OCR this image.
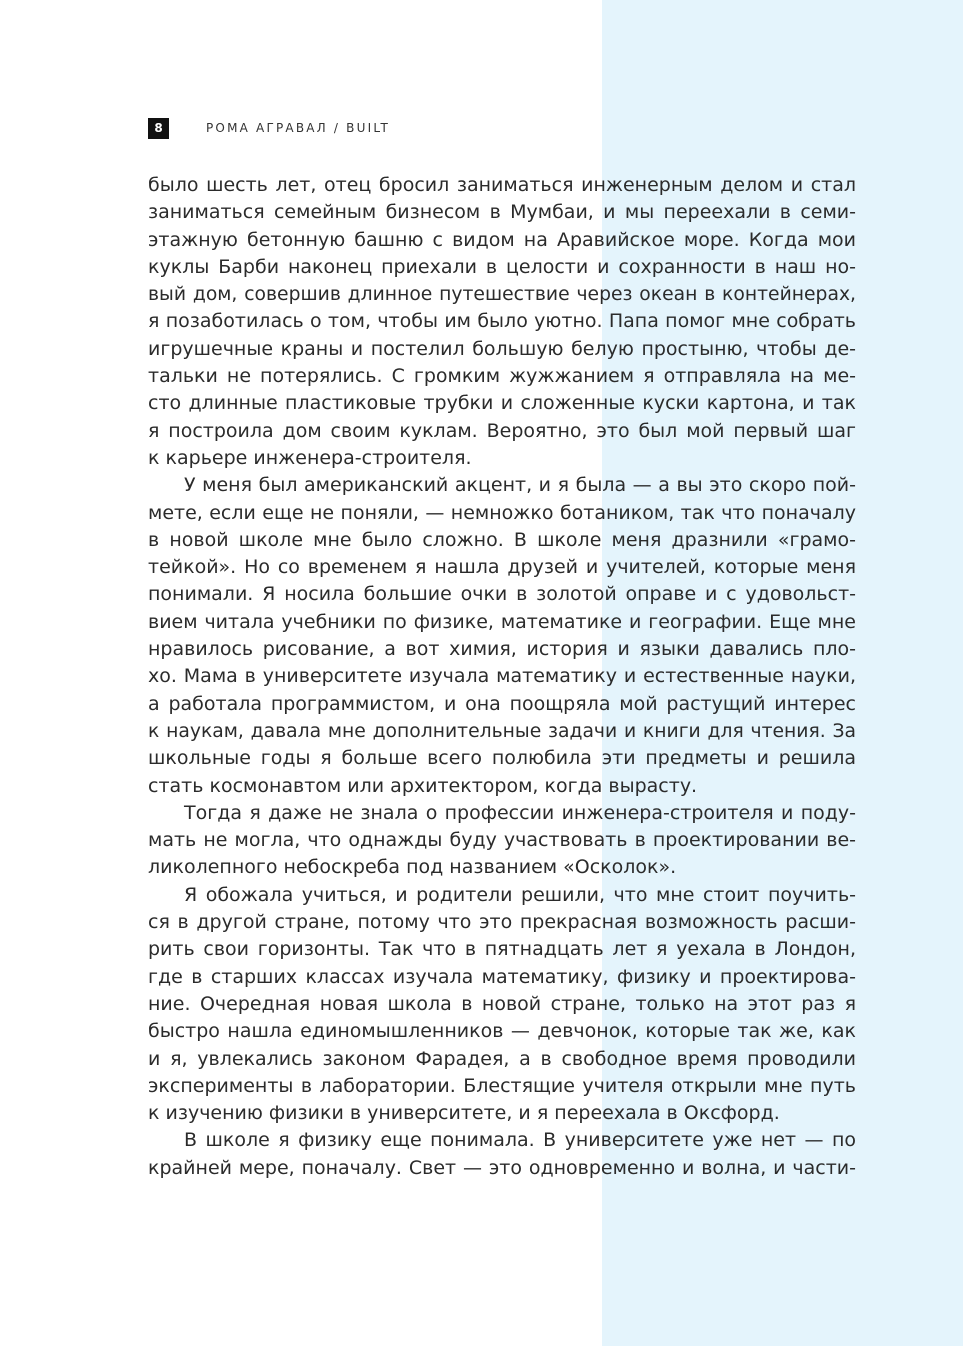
8	РОМА АГРАВАЛ / BUILT
было шесть лет, отец бросил заниматься инженерным делом и стал
заниматься семейным бизнесом в Мумбаи, и мы переехали в семи-
этажную бетонную башню с видом на Аравийское море. Когда мои
куклы Барби наконец приехали в целости и сохранности в наш но-
вый дом, совершив длинное путешествие через океан в контейнерах,
я позаботилась о том, чтобы им было уютно. Папа помог мне собрать
игрушечные краны и постелил большую белую простыню, чтобы де-
тальки не потерялись. С громким жужжанием я отправляла на ме-
сто длинные пластиковые трубки и сложенные куски картона, и так
я построила дом своим куклам. Вероятно, это был мой первый шаг
к карьере инженера-строителя.
У меня был американский акцент, и я была — а вы это скоро пой-
мете, если еще не поняли, — немножко ботаником, так что поначалу
в новой школе мне было сложно. В школе меня дразнили «грамо-
тейкой». Но со временем я нашла друзей и учителей, которые меня
понимали. Я носила большие очки в золотой оправе и с удовольст-
вием читала учебники по физике, математике и географии. Еще мне
нравилось рисование, а вот химия, история и языки давались пло-
хо. Мама в университете изучала математику и естественные науки,
а работала программистом, и она поощряла мой растущий интерес
к наукам, давала мне дополнительные задачи и книги для чтения. За
школьные годы я больше всего полюбила эти предметы и решила
стать космонавтом или архитектором, когда вырасту.
Тогда я даже не знала о профессии инженера-строителя и поду-
мать не могла, что однажды буду участвовать в проектировании ве-
ликолепного небоскреба под названием «Осколок».
Я обожала учиться, и родители решили, что мне стоит поучить-
ся в другой стране, потому что это прекрасная возможность расши-
рить свои горизонты. Так что в пятнадцать лет я уехала в Лондон,
где в старших классах изучала математику, физику и проектирова-
ние. Очередная новая школа в новой стране, только на этот раз я
быстро нашла единомышленников — девчонок, которые так же, как
и я, увлекались законом Фарадея, а в свободное время проводили
эксперименты в лаборатории. Блестящие учителя открыли мне путь
к изучению физики в университете, и я переехала в Оксфорд.
В школе я физику еще понимала. В университете уже нет — по
крайней мере, поначалу. Свет — это одновременно и волна, и части-
